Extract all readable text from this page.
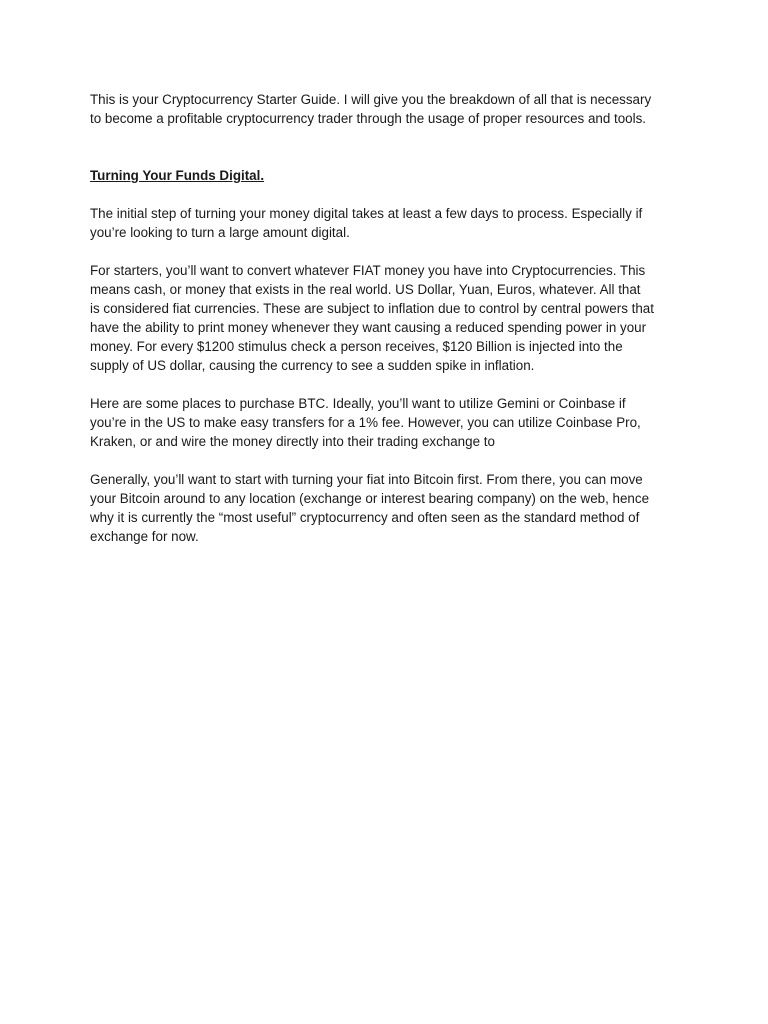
This is your Cryptocurrency Starter Guide. I will give you the breakdown of all that is necessary
to become a profitable cryptocurrency trader through the usage of proper resources and tools.

Turning Your Funds Digital.

The initial step of turning your money digital takes at least a few days to process. Especially if
you’re looking to turn a large amount digital.

For starters, you’ll want to convert whatever FIAT money you have into Cryptocurrencies. This
means cash, or money that exists in the real world. US Dollar, Yuan, Euros, whatever. All that
is considered fiat currencies. These are subject to inflation due to control by central powers that
have the ability to print money whenever they want causing a reduced spending power in your
money. For every $1200 stimulus check a person receives, $120 Billion is injected into the
supply of US dollar, causing the currency to see a sudden spike in inflation.

Here are some places to purchase BTC. Ideally, you’ll want to utilize Gemini or Coinbase if
you’re in the US to make easy transfers for a 1% fee. However, you can utilize Coinbase Pro,
Kraken, or and wire the money directly into their trading exchange to

Generally, you’ll want to start with turning your fiat into Bitcoin first. From there, you can move
your Bitcoin around to any location (exchange or interest bearing company) on the web, hence
why it is currently the “most useful” cryptocurrency and often seen as the standard method of
exchange for now.
